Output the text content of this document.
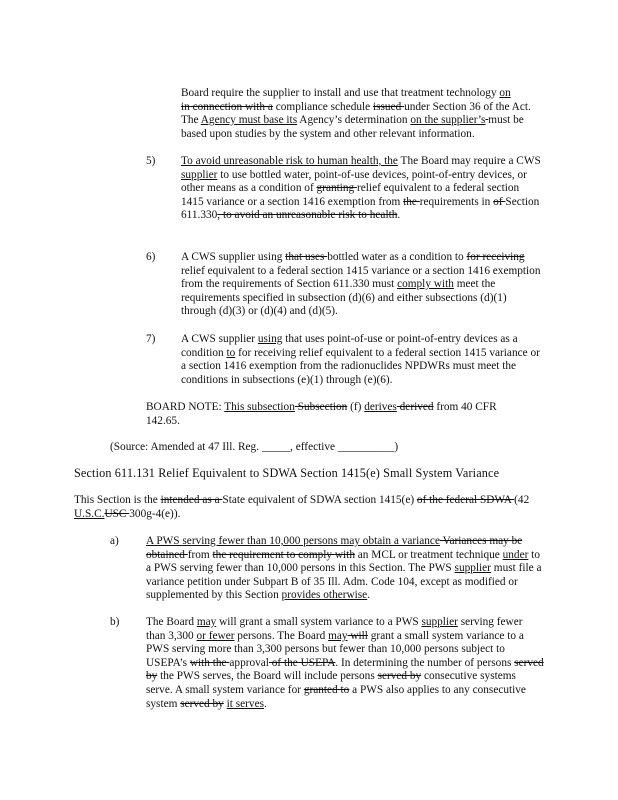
Board require the supplier to install and use that treatment technology on
in connection with a compliance schedule issued under Section 36 of the Act. The Agency must base its Agency’s determination on the supplier’s must be based upon studies by the system and other relevant information.

5) To avoid unreasonable risk to human health, the The Board may require a CWS supplier to use bottled water, point-of-use devices, point-of-entry devices, or other means as a condition of granting relief equivalent to a federal section 1415 variance or a section 1416 exemption from the requirements in of Section 611.330, to avoid an unreasonable risk to health.

6) A CWS supplier using that uses bottled water as a condition to for receiving relief equivalent to a federal section 1415 variance or a section 1416 exemption from the requirements of Section 611.330 must comply with meet the requirements specified in subsection (d)(6) and either subsections (d)(1) through (d)(3) or (d)(4) and (d)(5).

7) A CWS supplier using that uses point-of-use or point-of-entry devices as a condition to for receiving relief equivalent to a federal section 1415 variance or a section 1416 exemption from the radionuclides NPDWRs must meet the conditions in subsections (e)(1) through (e)(6).

BOARD NOTE: This subsection Subsection (f) derives derived from 40 CFR 142.65.

(Source: Amended at 47 Ill. Reg. _____, effective __________)

Section 611.131 Relief Equivalent to SDWA Section 1415(e) Small System Variance

This Section is the intended as a State equivalent of SDWA section 1415(e) of the federal SDWA (42 U.S.C.USC 300g-4(e)).

a) A PWS serving fewer than 10,000 persons may obtain a variance Variances may be obtained from the requirement to comply with an MCL or treatment technique under to a PWS serving fewer than 10,000 persons in this Section. The PWS supplier must file a variance petition under Subpart B of 35 Ill. Adm. Code 104, except as modified or supplemented by this Section provides otherwise.

b) The Board may will grant a small system variance to a PWS supplier serving fewer than 3,300 or fewer persons. The Board may will grant a small system variance to a PWS serving more than 3,300 persons but fewer than 10,000 persons subject to USEPA’s with the approval of the USEPA. In determining the number of persons served by the PWS serves, the Board will include persons served by consecutive systems serve. A small system variance for granted to a PWS also applies to any consecutive system served by it serves.
